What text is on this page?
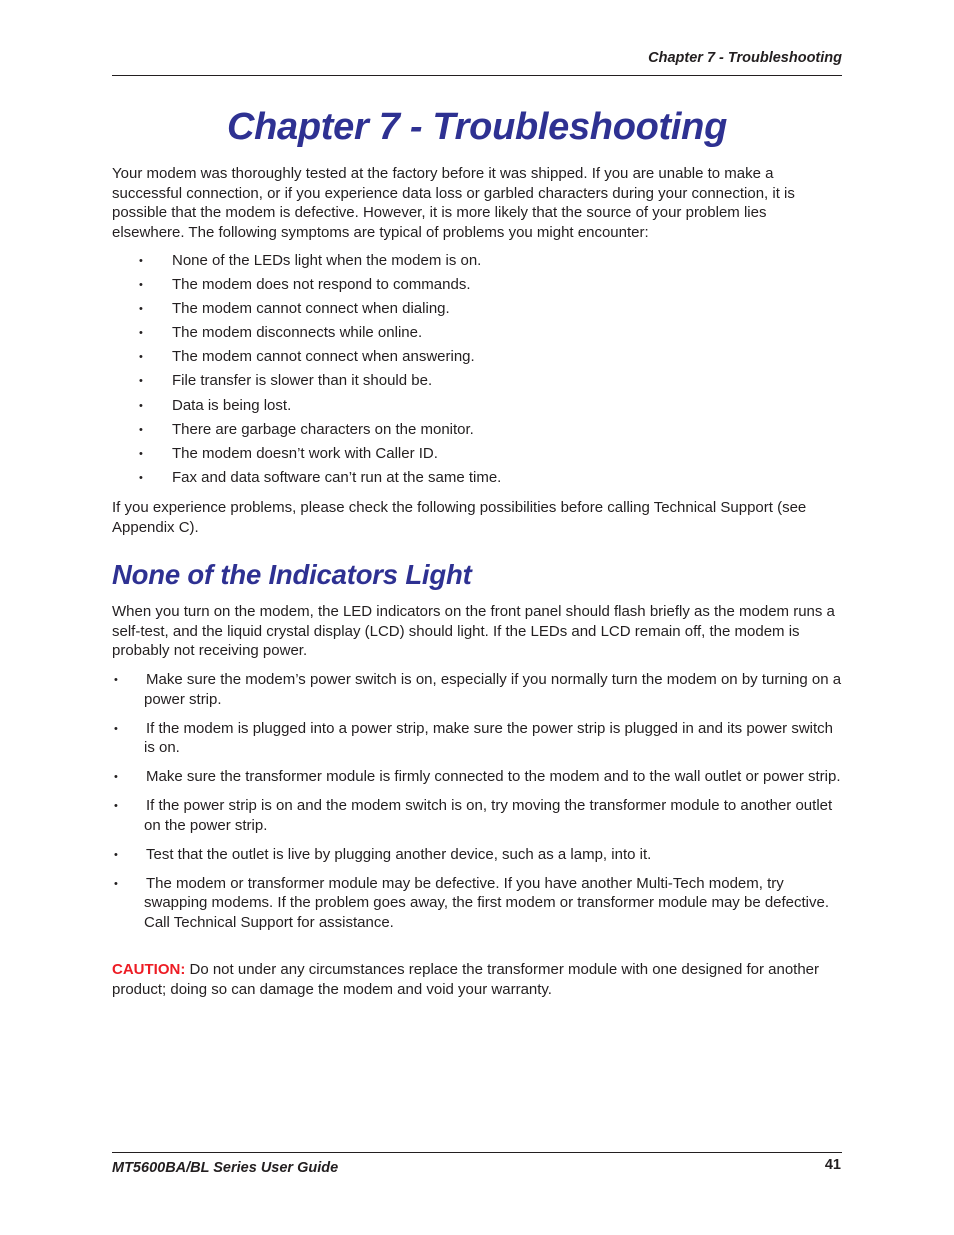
Chapter 7 - Troubleshooting
Chapter 7 - Troubleshooting

Your modem was thoroughly tested at the factory before it was shipped. If you are unable to make a successful connection, or if you experience data loss or garbled characters during your connection, it is possible that the modem is defective. However, it is more likely that the source of your problem lies elsewhere. The following symptoms are typical of problems you might encounter:

• None of the LEDs light when the modem is on.
• The modem does not respond to commands.
• The modem cannot connect when dialing.
• The modem disconnects while online.
• The modem cannot connect when answering.
• File transfer is slower than it should be.
• Data is being lost.
• There are garbage characters on the monitor.
• The modem doesn’t work with Caller ID.
• Fax and data software can’t run at the same time.

If you experience problems, please check the following possibilities before calling Technical Support (see Appendix C).

None of the Indicators Light

When you turn on the modem, the LED indicators on the front panel should flash briefly as the modem runs a self-test, and the liquid crystal display (LCD) should light. If the LEDs and LCD remain off, the modem is probably not receiving power.

• Make sure the modem’s power switch is on, especially if you normally turn the modem on by turning on a power strip.
• If the modem is plugged into a power strip, make sure the power strip is plugged in and its power switch is on.
• Make sure the transformer module is firmly connected to the modem and to the wall outlet or power strip.
• If the power strip is on and the modem switch is on, try moving the transformer module to another outlet on the power strip.
• Test that the outlet is live by plugging another device, such as a lamp, into it.
• The modem or transformer module may be defective. If you have another Multi-Tech modem, try swapping modems. If the problem goes away, the first modem or transformer module may be defective. Call Technical Support for assistance.

CAUTION: Do not under any circumstances replace the transformer module with one designed for another product; doing so can damage the modem and void your warranty.

MT5600BA/BL Series User Guide	41
